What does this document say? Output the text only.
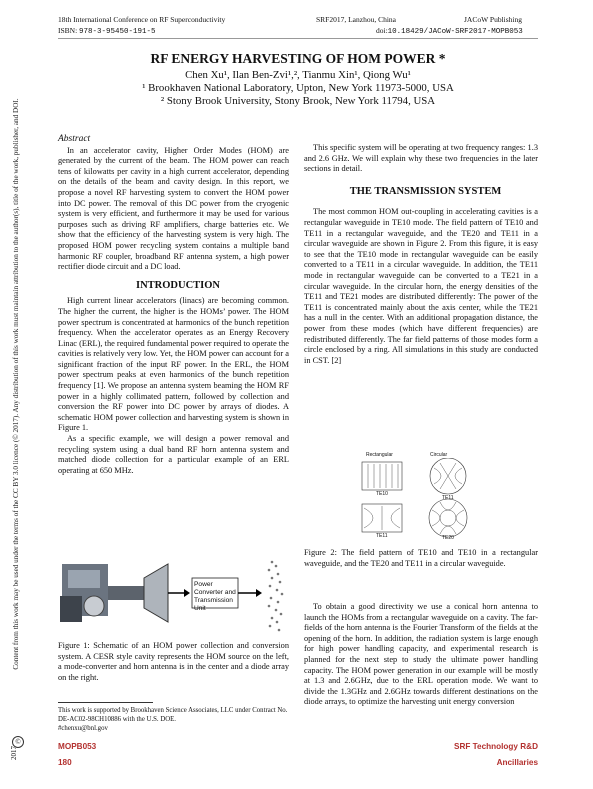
18th International Conference on RF Superconductivity	SRF2017, Lanzhou, China	JACoW Publishing
ISBN: 978-3-95450-191-5	doi:10.18429/JACoW-SRF2017-MOPB053
Content from this work may be used under the terms of the CC BY 3.0 licence (© 2017). Any distribution of this work must maintain attribution to the author(s), title of the work, publisher, and DOI.
©
2017
RF ENERGY HARVESTING OF HOM POWER *
Chen Xu¹, Ilan Ben-Zvi¹,², Tianmu Xin¹, Qiong Wu¹
¹ Brookhaven National Laboratory, Upton, New York 11973-5000, USA
² Stony Brook University, Stony Brook, New York 11794, USA

Abstract

In an accelerator cavity, Higher Order Modes (HOM) are generated by the current of the beam. The HOM power can reach tens of kilowatts per cavity in a high current accelerator, depending on the details of the beam and cavity design. In this report, we propose a novel RF harvesting system to convert the HOM power into DC power. The removal of this DC power from the cryogenic system is very efficient, and furthermore it may be used for various purposes such as driving RF amplifiers, charge batteries etc. We show that the efficiency of the harvesting system is very high. The proposed HOM power recycling system contains a multiple band harmonic RF coupler, broadband RF antenna system, a high power rectifier diode circuit and a DC load.

INTRODUCTION

High current linear accelerators (linacs) are becoming common. The higher the current, the higher is the HOMs’ power. The HOM power spectrum is concentrated at harmonics of the bunch repetition frequency. When the accelerator operates as an Energy Recovery Linac (ERL), the required fundamental power required to operate the cavities is relatively very low. Yet, the HOM power can account for a significant fraction of the input RF power. In the ERL, the HOM power spectrum peaks at even harmonics of the bunch repetition frequency [1]. We propose an antenna system beaming the HOM RF power in a highly collimated pattern, followed by collection and conversion the RF power into DC power by arrays of diodes. A schematic HOM power collection and harvesting system is shown in Figure 1.

As a specific example, we will design a power removal and recycling system using a dual band RF horn antenna system and matched diode collection for a particular example of an ERL operating at 650 MHz.

Power Converter and Transmission Unit
Figure 1: Schematic of an HOM power collection and conversion system. A CESR style cavity represents the HOM source on the left, a mode-converter and horn antenna is in the center and a diode array on the right.
This work is supported by Brookhaven Science Associates, LLC under Contract No. DE-AC02-98CH10886 with the U.S. DOE.
#chenxu@bnl.gov

This specific system will be operating at two frequency ranges: 1.3 and 2.6 GHz. We will explain why these two frequencies in the later sections in detail.

THE TRANSMISSION SYSTEM

The most common HOM out-coupling in accelerating cavities is a rectangular waveguide in TE10 mode. The field pattern of TE10 and TE11 in a rectangular waveguide, and the TE20 and TE11 in a circular waveguide are shown in Figure 2. From this figure, it is easy to see that the TE10 mode in rectangular waveguide can be easily converted to a TE11 in a circular waveguide. In addition, the TE11 mode in rectangular waveguide can be converted to a TE21 in a circular waveguide. In the circular horn, the energy densities of the TE11 and TE21 modes are distributed differently: The power of the TE11 is concentrated mainly about the axis center, while the TE21 has a null in the center. With an additional propagation distance, the power from these modes (which have different frequencies) are redistributed differently. The far field patterns of those modes form a circle enclosed by a ring. All simulations in this study are conducted in CST. [2]

Rectangular	Circular
TE10
TE11
TE11	TE20
Figure 2: The field pattern of TE10 and TE10 in a rectangular waveguide, and the TE20 and TE11 in a circular waveguide.

To obtain a good directivity we use a conical horn antenna to launch the HOMs from a rectangular waveguide on a cavity. The far-fields of the horn antenna is the Fourier Transform of the fields at the opening of the horn. In addition, the radiation system is large enough for high power handling capacity, and experimental research is planned for the next step to study the ultimate power handling capacity. The HOM power generation in our example will be mostly at 1.3 and 2.6GHz, due to the ERL operation mode. We want to divide the 1.3GHz and 2.6GHz towards different destinations on the diode arrays, to optimize the harvesting unit energy conversion

MOPB053
180
SRF Technology R&D
Ancillaries
